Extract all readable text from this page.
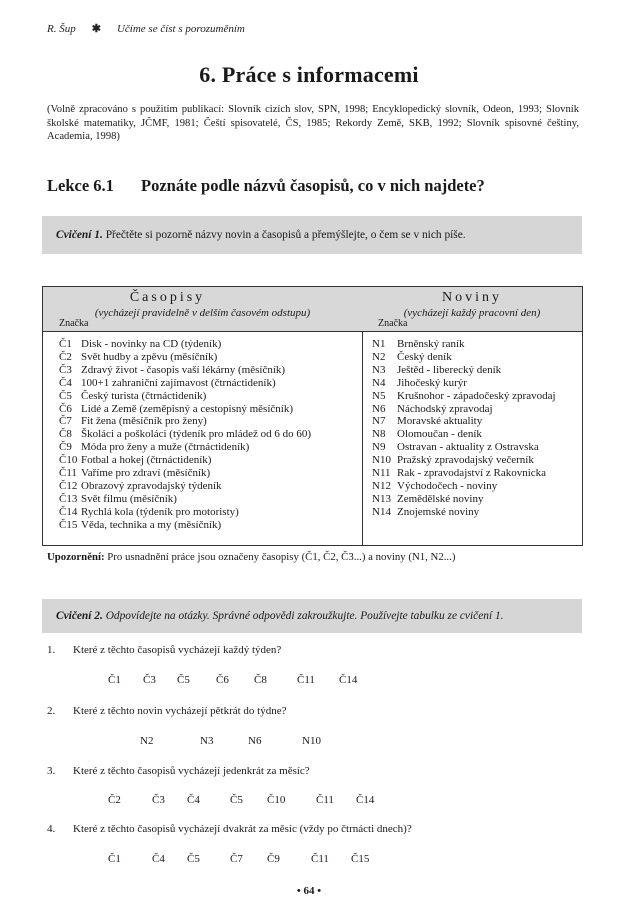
R. Šup ✱ Učíme se číst s porozuměním
6. Práce s informacemi
(Volně zpracováno s použitím publikací: Slovník cizích slov, SPN, 1998; Encyklopedický slovník, Odeon, 1993; Slovník školské matematiky, JČMF, 1981; Čeští spisovatelé, ČS, 1985; Rekordy Země, SKB, 1992; Slovník spisovné češtiny, Academia, 1998)
Lekce 6.1 Poznáte podle názvů časopisů, co v nich najdete?
Cvičení 1. Přečtěte si pozorně názvy novin a časopisů a přemýšlejte, o čem se v nich píše.
Časopisy
(vycházejí pravidelně v delším časovém odstupu)
Značka
Č1 Disk - novinky na CD (týdeník)
Č2 Svět hudby a zpěvu (měsíčník)
Č3 Zdravý život - časopis vaší lékárny (měsíčník)
Č4 100+1 zahraniční zajímavost (čtrnáctideník)
Č5 Český turista (čtrnáctideník)
Č6 Lidé a Země (zeměpisný a cestopisný měsíčník)
Č7 Fit žena (měsíčník pro ženy)
Č8 Školáci a poškoláci (týdeník pro mládež od 6 do 60)
Č9 Móda pro ženy a muže (čtrnáctideník)
Č10 Fotbal a hokej (čtrnáctideník)
Č11 Vaříme pro zdraví (měsíčník)
Č12 Obrazový zpravodajský týdeník
Č13 Svět filmu (měsíčník)
Č14 Rychlá kola (týdeník pro motoristy)
Č15 Věda, technika a my (měsíčník)
Noviny
(vycházejí každý pracovní den)
Značka
N1 Brněnský raník
N2 Český deník
N3 Ještěd - liberecký deník
N4 Jihočeský kurýr
N5 Krušnohor - západočeský zpravodaj
N6 Náchodský zpravodaj
N7 Moravské aktuality
N8 Olomoučan - deník
N9 Ostravan - aktuality z Ostravska
N10 Pražský zpravodajský večerník
N11 Rak - zpravodajství z Rakovnicka
N12 Východočech - noviny
N13 Zemědělské noviny
N14 Znojemské noviny
Upozornění: Pro usnadnění práce jsou označeny časopisy (Č1, Č2, Č3...) a noviny (N1, N2...)
Cvičení 2. Odpovídejte na otázky. Správné odpovědi zakroužkujte. Používejte tabulku ze cvičení 1.
1. Které z těchto časopisů vycházejí každý týden?
Č1 Č3 Č5 Č6 Č8	Č11 Č14
2. Které z těchto novin vycházejí pětkrát do týdne?
N2	N3	N6	N10
3. Které z těchto časopisů vycházejí jedenkrát za měsíc?
Č2	Č3 Č4	Č5 Č10	Č11 Č14
4. Které z těchto časopisů vycházejí dvakrát za měsíc (vždy po čtrnácti dnech)?
Č1	Č4 Č5	Č7 Č9	Č11 Č15
• 64 •
